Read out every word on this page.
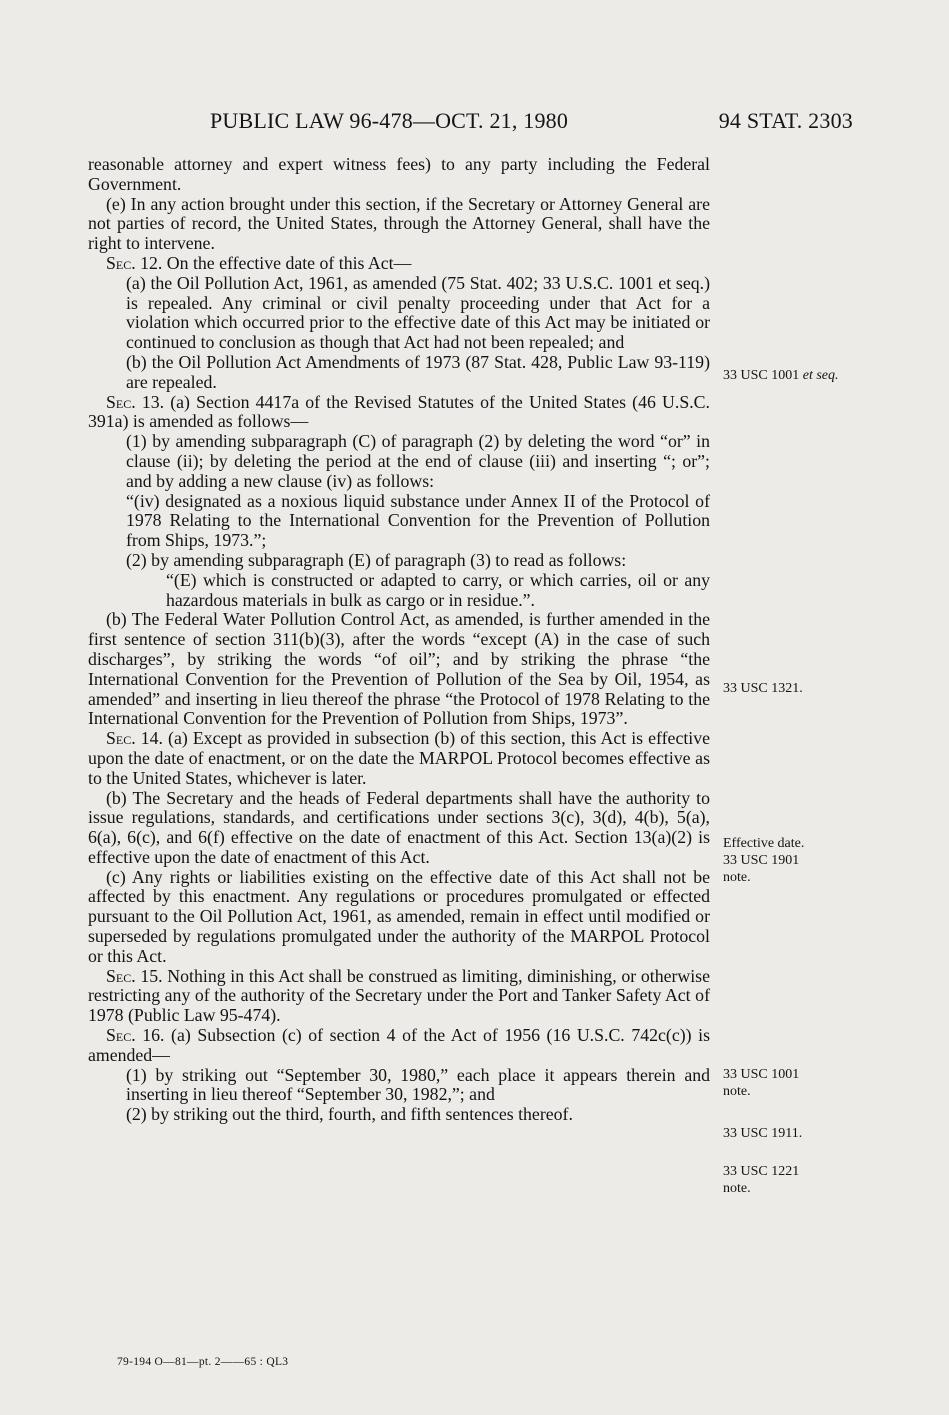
PUBLIC LAW 96-478—OCT. 21, 1980	94 STAT. 2303

reasonable attorney and expert witness fees) to any party including the Federal Government.

(e) In any action brought under this section, if the Secretary or Attorney General are not parties of record, the United States, through the Attorney General, shall have the right to intervene.

Sec. 12. On the effective date of this Act—

(a) the Oil Pollution Act, 1961, as amended (75 Stat. 402; 33 U.S.C. 1001 et seq.) is repealed. Any criminal or civil penalty proceeding under that Act for a violation which occurred prior to the effective date of this Act may be initiated or continued to conclusion as though that Act had not been repealed; and

(b) the Oil Pollution Act Amendments of 1973 (87 Stat. 428, Public Law 93-119) are repealed.

Sec. 13. (a) Section 4417a of the Revised Statutes of the United States (46 U.S.C. 391a) is amended as follows—

(1) by amending subparagraph (C) of paragraph (2) by deleting the word “or” in clause (ii); by deleting the period at the end of clause (iii) and inserting “; or”; and by adding a new clause (iv) as follows:

“(iv) designated as a noxious liquid substance under Annex II of the Protocol of 1978 Relating to the International Convention for the Prevention of Pollution from Ships, 1973.”;

(2) by amending subparagraph (E) of paragraph (3) to read as follows:

“(E) which is constructed or adapted to carry, or which carries, oil or any hazardous materials in bulk as cargo or in residue.”.

(b) The Federal Water Pollution Control Act, as amended, is further amended in the first sentence of section 311(b)(3), after the words “except (A) in the case of such discharges”, by striking the words “of oil”; and by striking the phrase “the International Convention for the Prevention of Pollution of the Sea by Oil, 1954, as amended” and inserting in lieu thereof the phrase “the Protocol of 1978 Relating to the International Convention for the Prevention of Pollution from Ships, 1973”.

Sec. 14. (a) Except as provided in subsection (b) of this section, this Act is effective upon the date of enactment, or on the date the MARPOL Protocol becomes effective as to the United States, whichever is later.

(b) The Secretary and the heads of Federal departments shall have the authority to issue regulations, standards, and certifications under sections 3(c), 3(d), 4(b), 5(a), 6(a), 6(c), and 6(f) effective on the date of enactment of this Act. Section 13(a)(2) is effective upon the date of enactment of this Act.

(c) Any rights or liabilities existing on the effective date of this Act shall not be affected by this enactment. Any regulations or procedures promulgated or effected pursuant to the Oil Pollution Act, 1961, as amended, remain in effect until modified or superseded by regulations promulgated under the authority of the MARPOL Protocol or this Act.

Sec. 15. Nothing in this Act shall be construed as limiting, diminishing, or otherwise restricting any of the authority of the Secretary under the Port and Tanker Safety Act of 1978 (Public Law 95-474).

Sec. 16. (a) Subsection (c) of section 4 of the Act of 1956 (16 U.S.C. 742c(c)) is amended—

(1) by striking out “September 30, 1980,” each place it appears therein and inserting in lieu thereof “September 30, 1982,”; and

(2) by striking out the third, fourth, and fifth sentences thereof.

33 USC 1001 et seq.
33 USC 1321.
Effective date.
33 USC 1901 note.
33 USC 1001 note.
33 USC 1911.
33 USC 1221 note.
79-194 O—81—pt. 2——65 : QL3
